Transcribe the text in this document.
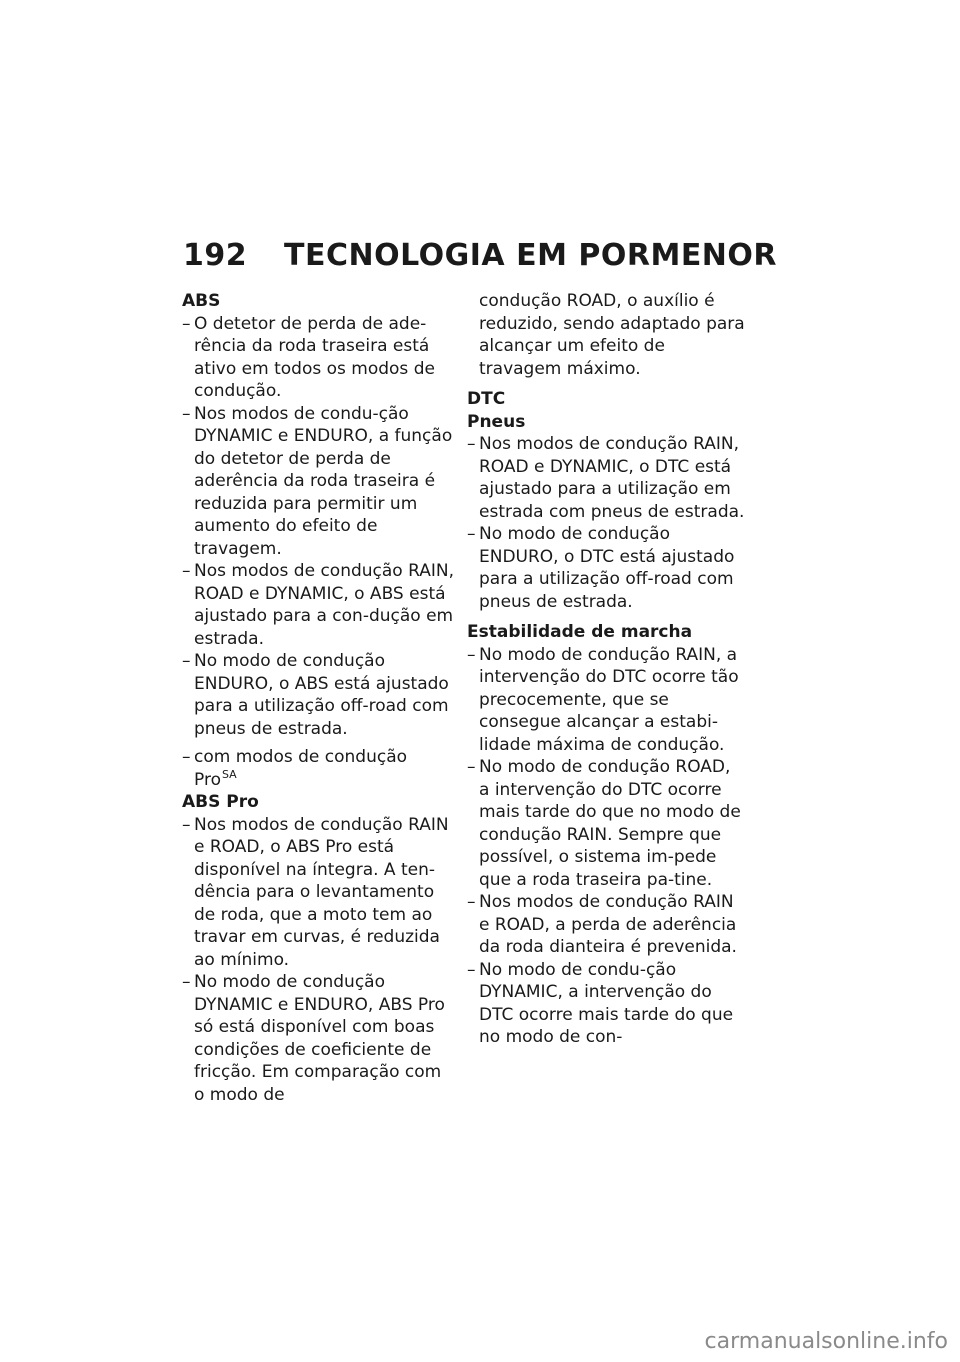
192 TECNOLOGIA EM PORMENOR

ABS

– O detetor de perda de ade-rência da roda traseira está ativo em todos os modos de condução.
– Nos modos de condu-ção DYNAMIC e ENDURO, a função do detetor de perda de aderência da roda traseira é reduzida para permitir um aumento do efeito de travagem.
– Nos modos de condução RAIN, ROAD e DYNAMIC, o ABS está ajustado para a con-dução em estrada.
– No modo de condução ENDURO, o ABS está ajustado para a utilização off-road com pneus de estrada.
– com modos de condução Pro$^{SA}$

ABS Pro

– Nos modos de condução RAIN e ROAD, o ABS Pro está disponível na íntegra. A ten-dência para o levantamento de roda, que a moto tem ao travar em curvas, é reduzida ao mínimo.
– No modo de condução DYNAMIC e ENDURO, ABS Pro só está disponível com boas condições de coeficiente de fricção. Em comparação com o modo de

condução ROAD, o auxílio é reduzido, sendo adaptado para alcançar um efeito de travagem máximo.

DTC

Pneus

– Nos modos de condução RAIN, ROAD e DYNAMIC, o DTC está ajustado para a utilização em estrada com pneus de estrada.
– No modo de condução ENDURO, o DTC está ajustado para a utilização off-road com pneus de estrada.

Estabilidade de marcha

– No modo de condução RAIN, a intervenção do DTC ocorre tão precocemente, que se consegue alcançar a estabi-lidade máxima de condução.
– No modo de condução ROAD, a intervenção do DTC ocorre mais tarde do que no modo de condução RAIN. Sempre que possível, o sistema im-pede que a roda traseira pa-tine.
– Nos modos de condução RAIN e ROAD, a perda de aderência da roda dianteira é prevenida.
– No modo de condu-ção DYNAMIC, a intervenção do DTC ocorre mais tarde do que no modo de con-
carmanualsonline.info
